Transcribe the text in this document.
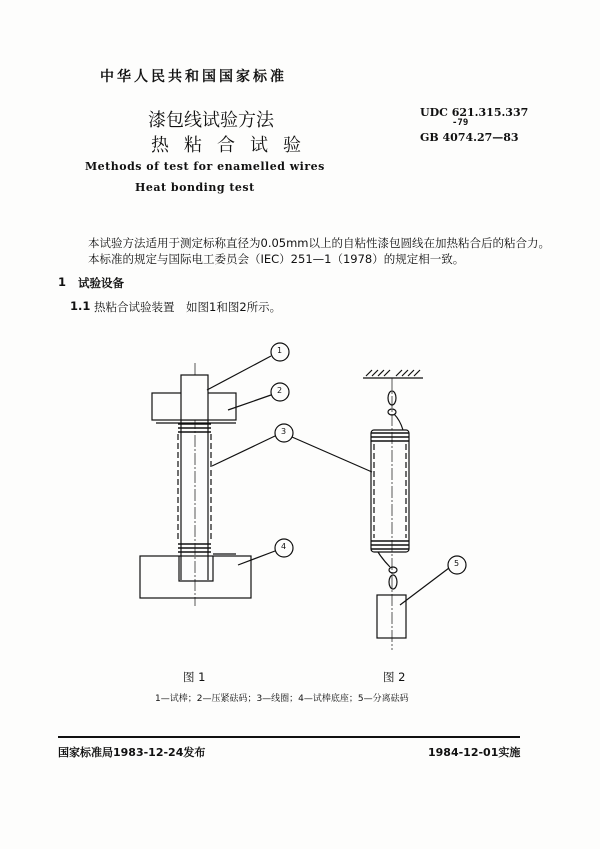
中华人民共和国国家标准
漆包线试验方法
热粘合试验
Methods of test for enamelled wires
Heat bonding test
UDC 621.315.337
-79
GB 4074.27—83
本试验方法适用于测定标称直径为0.05mm以上的自粘性漆包圆线在加热粘合后的粘合力。
本标准的规定与国际电工委员会（IEC）251—1（1978）的规定相一致。
1 试验设备
1.1 热粘合试验装置　如图1和图2所示。
1
2
3
4
5
图 1	图 2
1—试棒；2—压紧砝码；3—线圈；4—试棒底座；5—分离砝码
国家标准局1983-12-24发布	1984-12-01实施
